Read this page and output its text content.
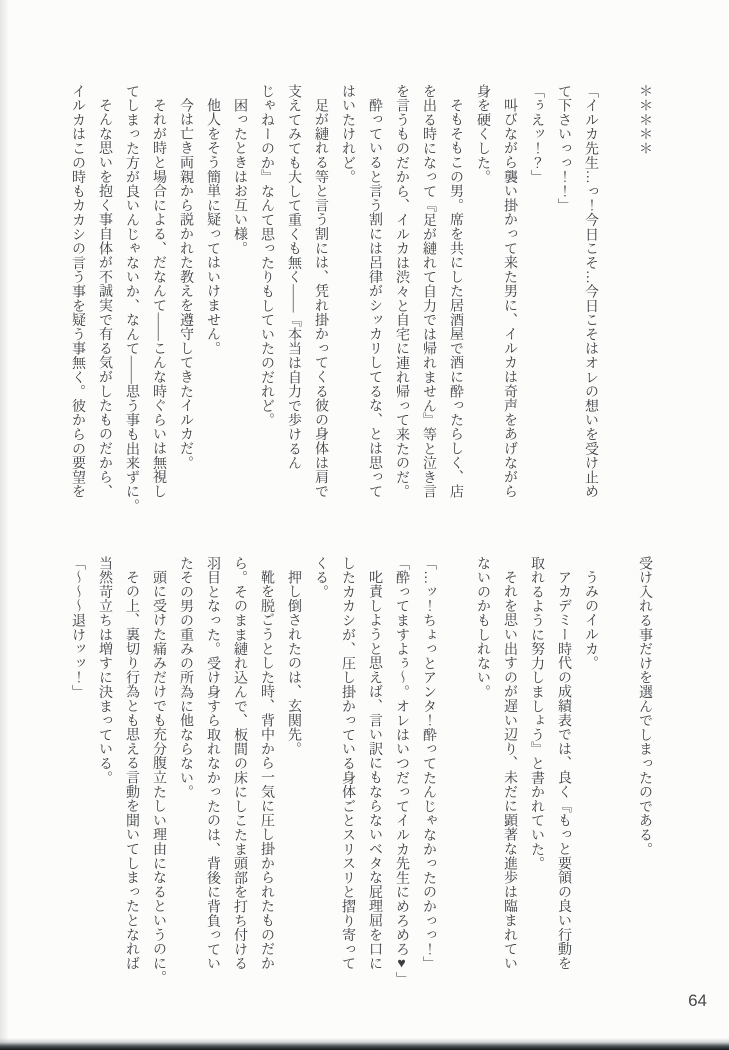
＊＊＊＊＊

「イルカ先生…っ！今日こそ…今日こそはオレの想いを受け止め

て下さいっっ！！」

「ぅえッ！？」

叫びながら襲い掛かって来た男に、イルカは奇声をあげながら

身を硬くした。

そもそもこの男。席を共にした居酒屋で酒に酔ったらしく、店

を出る時になって『足が縺れて自力では帰れません』等と泣き言

を言うものだから、イルカは渋々と自宅に連れ帰って来たのだ。

酔っていると言う割には呂律がシッカリしてるな、とは思って

はいたけれど。

足が縺れる等と言う割には、凭れ掛かってくる彼の身体は肩で

支えてみても大して重くも無く――『本当は自力で歩けるん

じゃねーのか』なんて思ったりもしていたのだれど。

困ったときはお互い様。

他人をそう簡単に疑ってはいけません。

今は亡き両親から説かれた教えを遵守してきたイルカだ。

それが時と場合による、だなんて――こんな時ぐらいは無視し

てしまった方が良いんじゃないか、なんて――思う事も出来ずに。

そんな思いを抱く事自体が不誠実で有る気がしたものだから、

イルカはこの時もカカシの言う事を疑う事無く。彼からの要望を

受け入れる事だけを選んでしまったのである。

うみのイルカ。

アカデミー時代の成績表では、良く『もっと要領の良い行動を

取れるように努力しましょう』と書かれていた。

それを思い出すのが遅い辺り、未だに顕著な進歩は臨まれてい

ないのかもしれない。

「…ッ！ちょっとアンタ！酔ってたんじゃなかったのかっっ！」

「酔ってますよぅ〜。オレはいつだってイルカ先生にめろめろ♥」

叱責しようと思えば、言い訳にもならないベタな屁理屈を口に

したカカシが、圧し掛かっている身体ごとスリスリと摺り寄って

くる。

押し倒されたのは、玄関先。

靴を脱ごうとした時、背中から一気に圧し掛かられたものだか

ら。そのまま縺れ込んで、板間の床にしこたま頭部を打ち付ける

羽目となった。受け身すら取れなかったのは、背後に背負ってい

たその男の重みの所為に他ならない。

頭に受けた痛みだけでも充分腹立たしい理由になるというのに。

その上、裏切り行為とも思える言動を聞いてしまったとなれば

当然苛立ちは増すに決まっている。

「〜〜〜退けッッ！」

64
